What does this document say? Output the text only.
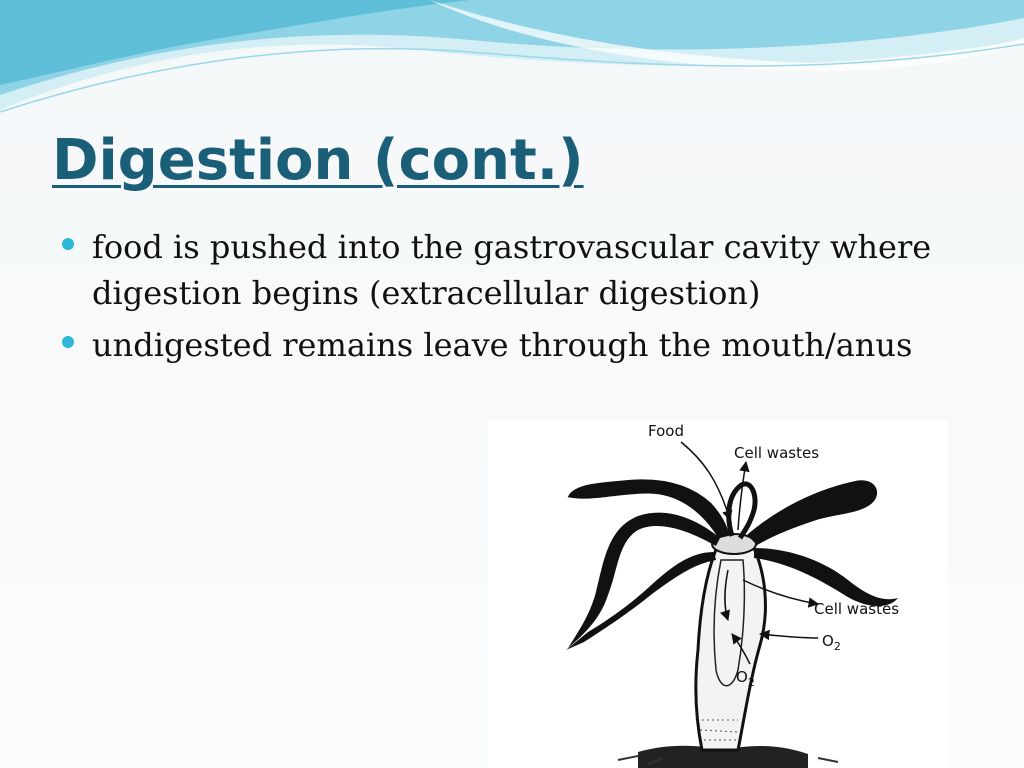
Digestion (cont.)
food is pushed into the gastrovascular cavity where digestion begins (extracellular digestion)
undigested remains leave through the mouth/anus
Food
Cell wastes
Cell wastes
$O_2$
$O_2$
